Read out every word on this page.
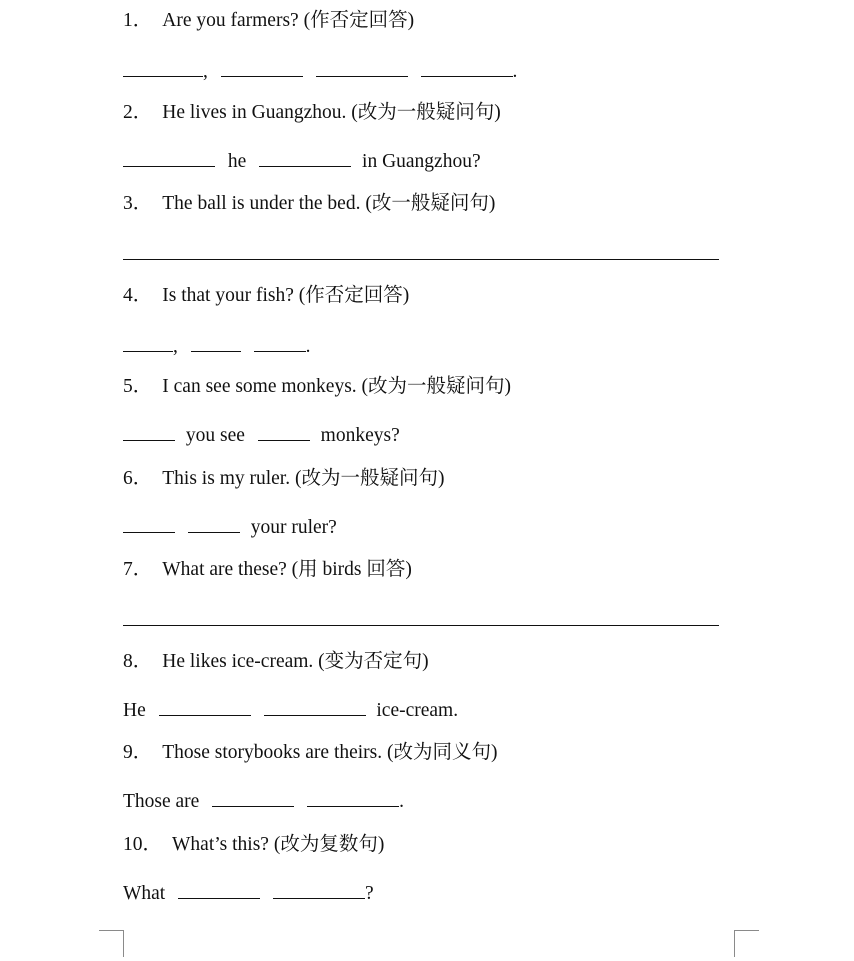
1． Are you farmers? (作否定回答)
,	.
2． He lives in Guangzhou. (改为一般疑问句)
he	in Guangzhou?
3． The ball is under the bed. (改一般疑问句)
4． Is that your fish? (作否定回答)
,	.
5． I can see some monkeys. (改为一般疑问句)
you see	monkeys?
6． This is my ruler. (改为一般疑问句)
your ruler?
7． What are these? (用 birds 回答)
8． He likes ice-cream. (变为否定句)
He	ice-cream.
9． Those storybooks are theirs. (改为同义句)
Those are	.
10． What’s this? (改为复数句)
What	?
